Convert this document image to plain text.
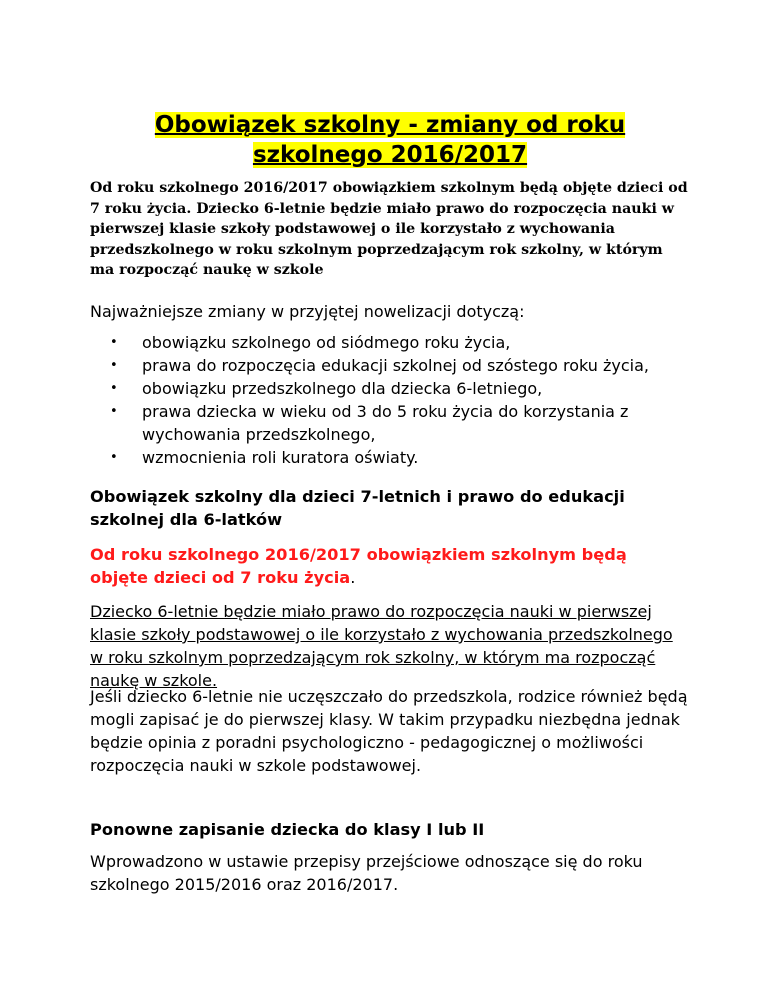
Obowiązek szkolny - zmiany od roku szkolnego 2016/2017

Od roku szkolnego 2016/2017 obowiązkiem szkolnym będą objęte dzieci od 7 roku życia. Dziecko 6-letnie będzie miało prawo do rozpoczęcia nauki w pierwszej klasie szkoły podstawowej o ile korzystało z wychowania przedszkolnego w roku szkolnym poprzedzającym rok szkolny, w którym ma rozpocząć naukę w szkole

Najważniejsze zmiany w przyjętej nowelizacji dotyczą:

• obowiązku szkolnego od siódmego roku życia,
• prawa do rozpoczęcia edukacji szkolnej od szóstego roku życia,
• obowiązku przedszkolnego dla dziecka 6-letniego,
• prawa dziecka w wieku od 3 do 5 roku życia do korzystania z wychowania przedszkolnego,
• wzmocnienia roli kuratora oświaty.
Obowiązek szkolny dla dzieci 7-letnich i prawo do edukacji szkolnej dla 6-latków

Od roku szkolnego 2016/2017 obowiązkiem szkolnym będą objęte dzieci od 7 roku życia.

Dziecko 6-letnie będzie miało prawo do rozpoczęcia nauki w pierwszej klasie szkoły podstawowej o ile korzystało z wychowania przedszkolnego w roku szkolnym poprzedzającym rok szkolny, w którym ma rozpocząć naukę w szkole.

Jeśli dziecko 6-letnie nie uczęszczało do przedszkola, rodzice również będą mogli zapisać je do pierwszej klasy. W takim przypadku niezbędna jednak będzie opinia z poradni psychologiczno - pedagogicznej o możliwości rozpoczęcia nauki w szkole podstawowej.

Ponowne zapisanie dziecka do klasy I lub II

Wprowadzono w ustawie przepisy przejściowe odnoszące się do roku szkolnego 2015/2016 oraz 2016/2017.
